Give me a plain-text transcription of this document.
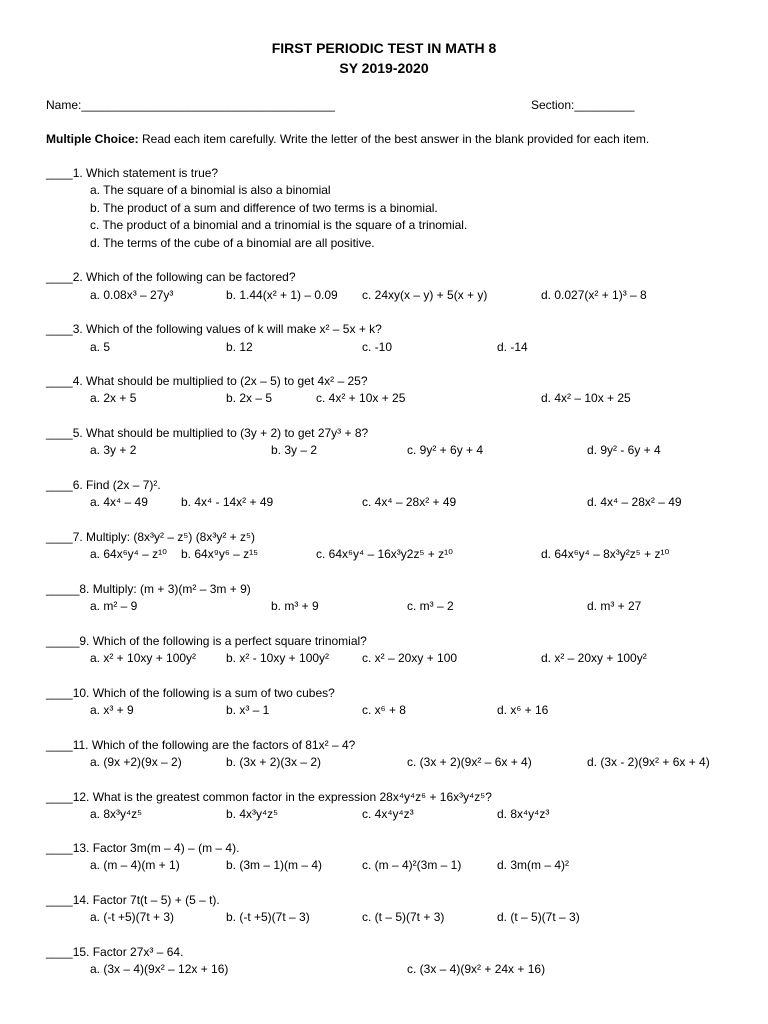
FIRST PERIODIC TEST IN MATH 8
SY 2019-2020
Name:______________________________________	Section:_________
Multiple Choice: Read each item carefully. Write the letter of the best answer in the blank provided for each item.
____1. Which statement is true?
a. The square of a binomial is also a binomial
b. The product of a sum and difference of two terms is a binomial.
c. The product of a binomial and a trinomial is the square of a trinomial.
d. The terms of the cube of a binomial are all positive.
____2. Which of the following can be factored?
a. 0.08x³ – 27y³	b. 1.44(x² + 1) – 0.09 c. 24xy(x – y) + 5(x + y)	d. 0.027(x² + 1)³ – 8
____3. Which of the following values of k will make x² – 5x + k?
a. 5	b. 12	c. -10	d. -14
____4. What should be multiplied to (2x – 5) to get 4x² – 25?
a. 2x + 5	b. 2x – 5	c. 4x² + 10x + 25	d. 4x² – 10x + 25
____5. What should be multiplied to (3y + 2) to get 27y³ + 8?
a. 3y + 2	b. 3y – 2	c. 9y² + 6y + 4	d. 9y² - 6y + 4
____6. Find (2x – 7)².
a. 4x⁴ – 49	b. 4x⁴ - 14x² + 49	c. 4x⁴ – 28x² + 49	d. 4x⁴ – 28x² – 49
____7. Multiply: (8x³y² – z⁵) (8x³y² + z⁵)
a. 64x⁶y⁴ – z¹⁰ b. 64x⁹y⁶ – z¹⁵	c. 64x⁶y⁴ – 16x³y2z⁵ + z¹⁰	d. 64x⁶y⁴ – 8x³y²z⁵ + z¹⁰
_____8. Multiply: (m + 3)(m² – 3m + 9)
a. m² – 9	b. m³ + 9	c. m³ – 2	d. m³ + 27
_____9. Which of the following is a perfect square trinomial?
a. x² + 10xy + 100y² b. x² - 10xy + 100y²	c. x² – 20xy + 100	d. x² – 20xy + 100y²
____10. Which of the following is a sum of two cubes?
a. x³ + 9	b. x³ – 1	c. x⁶ + 8	d. x⁶ + 16
____11. Which of the following are the factors of 81x² – 4?
a. (9x +2)(9x – 2)	b. (3x + 2)(3x – 2)	c. (3x + 2)(9x² – 6x + 4)	d. (3x - 2)(9x² + 6x + 4)
____12. What is the greatest common factor in the expression 28x⁴y⁴z⁶ + 16x³y⁴z⁵?
a. 8x³y⁴z⁵	b. 4x³y⁴z⁵	c. 4x⁴y⁴z³	d. 8x⁴y⁴z³
____13. Factor 3m(m – 4) – (m – 4).
a. (m – 4)(m + 1)	b. (3m – 1)(m – 4)	c. (m – 4)²(3m – 1)	d. 3m(m – 4)²
____14. Factor 7t(t – 5) + (5 – t).
a. (-t +5)(7t + 3)	b. (-t +5)(7t – 3)	c. (t – 5)(7t + 3)	d. (t – 5)(7t – 3)
____15. Factor 27x³ – 64.
a. (3x – 4)(9x² – 12x + 16)	c. (3x – 4)(9x² + 24x + 16)
